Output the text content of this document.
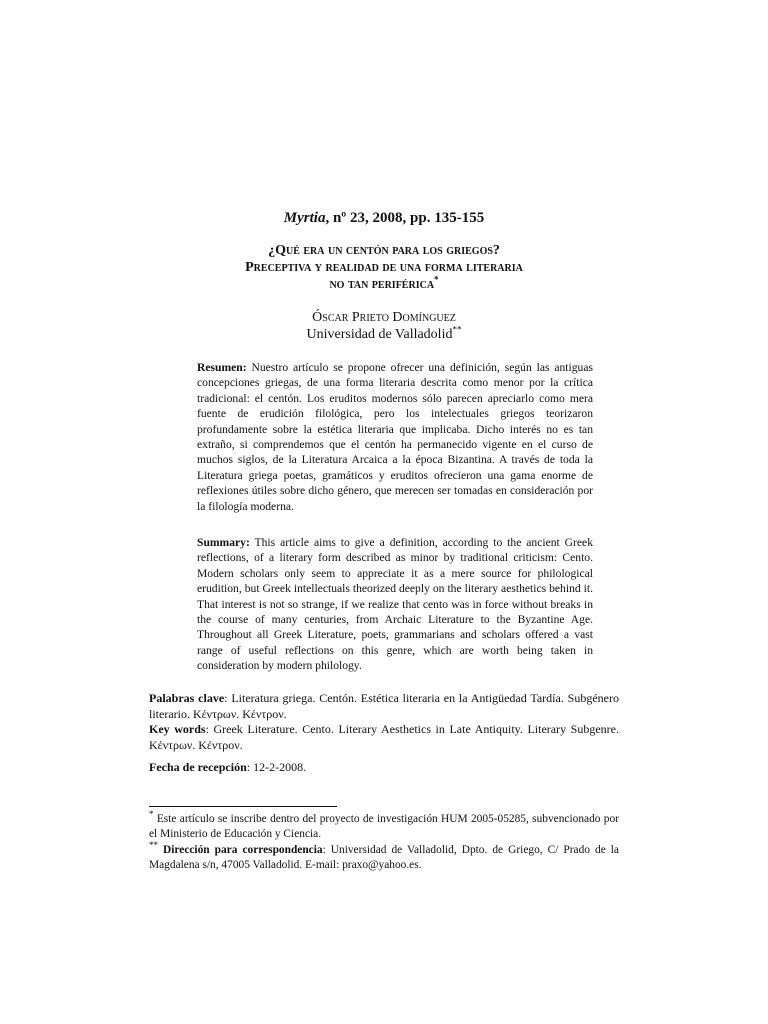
Myrtia, nº 23, 2008, pp. 135-155
¿Qué era un centón para los griegos?
Preceptiva y realidad de una forma literaria
no tan periférica*
Óscar Prieto Domínguez
Universidad de Valladolid**
Resumen: Nuestro artículo se propone ofrecer una definición, según las antiguas concepciones griegas, de una forma literaria descrita como menor por la crítica tradicional: el centón. Los eruditos modernos sólo parecen apreciarlo como mera fuente de erudición filológica, pero los intelectuales griegos teorizaron profundamente sobre la estética literaria que implicaba. Dicho interés no es tan extraño, si comprendemos que el centón ha permanecido vigente en el curso de muchos siglos, de la Literatura Arcaica a la época Bizantina. A través de toda la Literatura griega poetas, gramáticos y eruditos ofrecieron una gama enorme de reflexiones útiles sobre dicho género, que merecen ser tomadas en consideración por la filología moderna.
Summary: This article aims to give a definition, according to the ancient Greek reflections, of a literary form described as minor by traditional criticism: Cento. Modern scholars only seem to appreciate it as a mere source for philological erudition, but Greek intellectuals theorized deeply on the literary aesthetics behind it. That interest is not so strange, if we realize that cento was in force without breaks in the course of many centuries, from Archaic Literature to the Byzantine Age. Throughout all Greek Literature, poets, grammarians and scholars offered a vast range of useful reflections on this genre, which are worth being taken in consideration by modern philology.

Palabras clave: Literatura griega. Centón. Estética literaria en la Antigüedad Tardía. Subgénero literario. Κέντρων. Κέντρον.

Key words: Greek Literature. Cento. Literary Aesthetics in Late Antiquity. Literary Subgenre. Κέντρων. Κέντρον.

Fecha de recepción: 12-2-2008.

* Este artículo se inscribe dentro del proyecto de investigación HUM 2005-05285, subvencionado por el Ministerio de Educación y Ciencia.

** Dirección para correspondencia: Universidad de Valladolid, Dpto. de Griego, C/ Prado de la Magdalena s/n, 47005 Valladolid. E-mail: praxo@yahoo.es.
